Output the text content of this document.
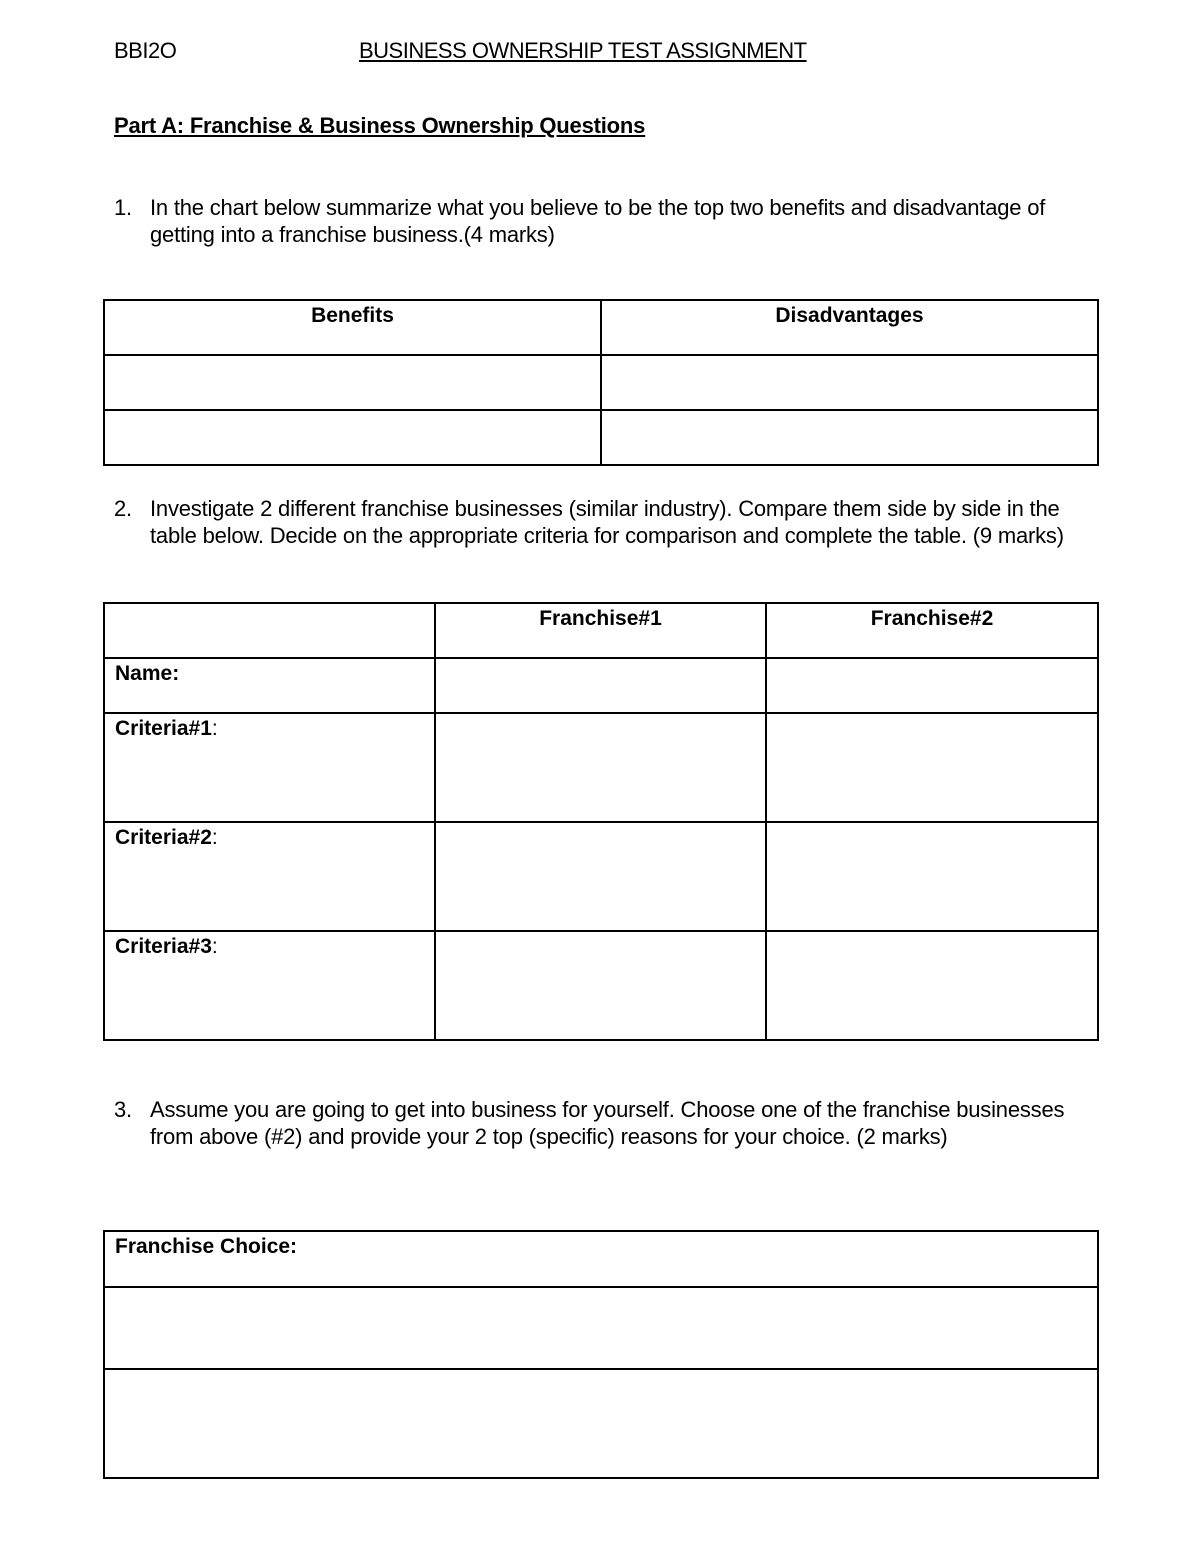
BBI2O	BUSINESS OWNERSHIP TEST ASSIGNMENT
Part A: Franchise & Business Ownership Questions
1. In the chart below summarize what you believe to be the top two benefits and disadvantage of getting into a franchise business.(4 marks)
Benefits	Disadvantages

2. Investigate 2 different franchise businesses (similar industry). Compare them side by side in the table below. Decide on the appropriate criteria for comparison and complete the table. (9 marks)
	Franchise#1	Franchise#2
Name:		
Criteria#1:		
Criteria#2:		
Criteria#3:		
3. Assume you are going to get into business for yourself. Choose one of the franchise businesses from above (#2) and provide your 2 top (specific) reasons for your choice. (2 marks)
Franchise Choice:
